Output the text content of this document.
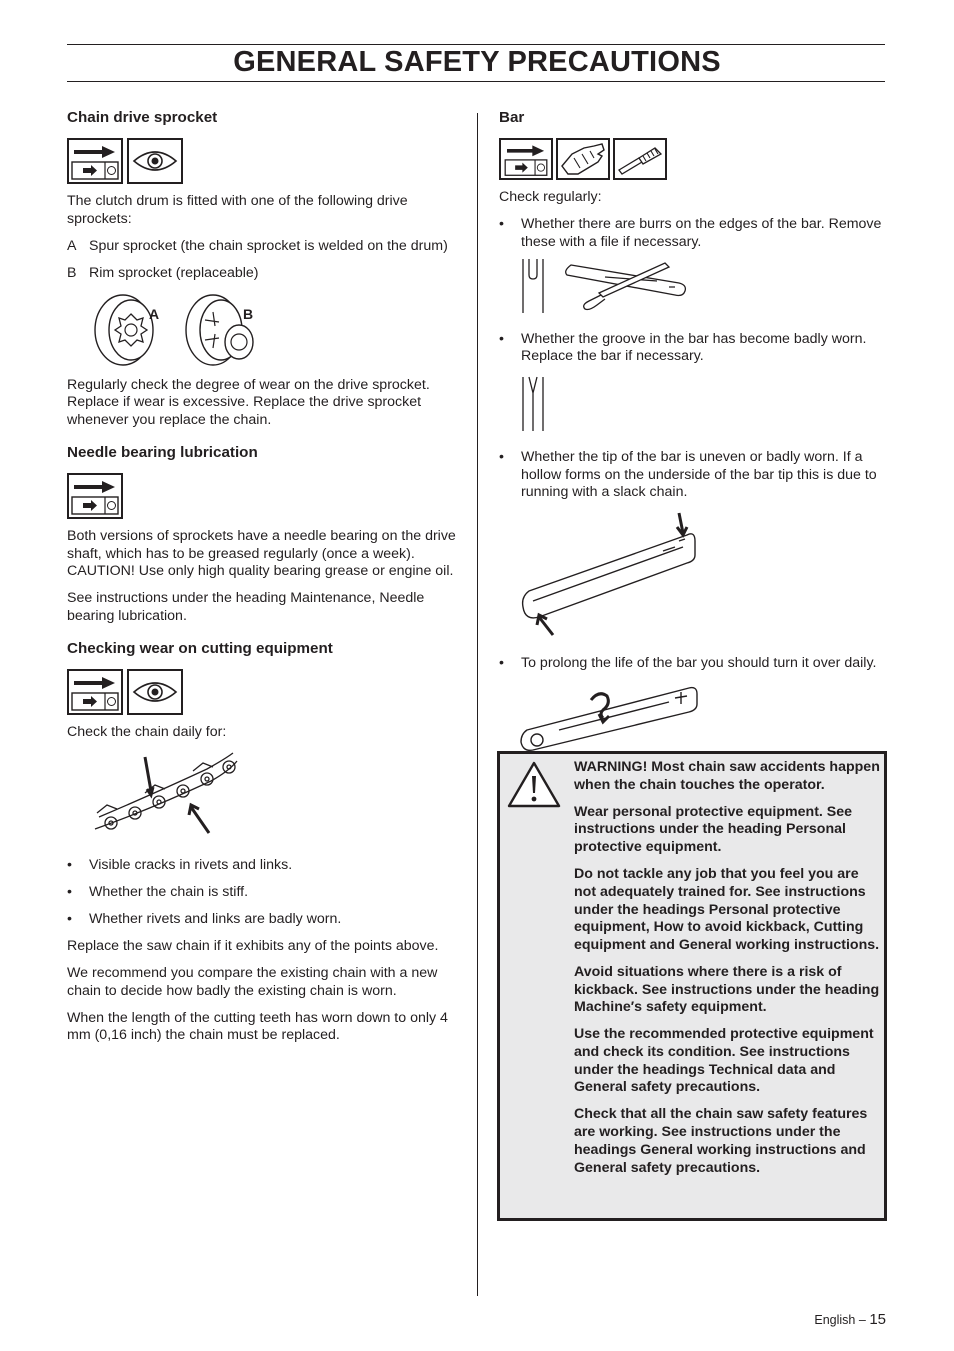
GENERAL SAFETY PRECAUTIONS
Chain drive sprocket

The clutch drum is fitted with one of the following drive sprockets:

A Spur sprocket (the chain sprocket is welded on the drum)
B Rim sprocket (replaceable)
A	B

Regularly check the degree of wear on the drive sprocket. Replace if wear is excessive. Replace the drive sprocket whenever you replace the chain.

Needle bearing lubrication

Both versions of sprockets have a needle bearing on the drive shaft, which has to be greased regularly (once a week). CAUTION! Use only high quality bearing grease or engine oil.

See instructions under the heading Maintenance, Needle bearing lubrication.

Checking wear on cutting equipment

Check the chain daily for:

• Visible cracks in rivets and links.
• Whether the chain is stiff.
• Whether rivets and links are badly worn.

Replace the saw chain if it exhibits any of the points above.

We recommend you compare the existing chain with a new chain to decide how badly the existing chain is worn.

When the length of the cutting teeth has worn down to only 4 mm (0,16 inch) the chain must be replaced.

Bar

Check regularly:

• Whether there are burrs on the edges of the bar. Remove these with a file if necessary.
• Whether the groove in the bar has become badly worn. Replace the bar if necessary.
• Whether the tip of the bar is uneven or badly worn. If a hollow forms on the underside of the bar tip this is due to running with a slack chain.
• To prolong the life of the bar you should turn it over daily.

WARNING! Most chain saw accidents happen when the chain touches the operator.

Wear personal protective equipment. See instructions under the heading Personal protective equipment.

Do not tackle any job that you feel you are not adequately trained for. See instructions under the headings Personal protective equipment, How to avoid kickback, Cutting equipment and General working instructions.

Avoid situations where there is a risk of kickback. See instructions under the heading Machine′s safety equipment.

Use the recommended protective equipment and check its condition. See instructions under the headings Technical data and General safety precautions.

Check that all the chain saw safety features are working. See instructions under the headings General working instructions and General safety precautions.

English – 15
